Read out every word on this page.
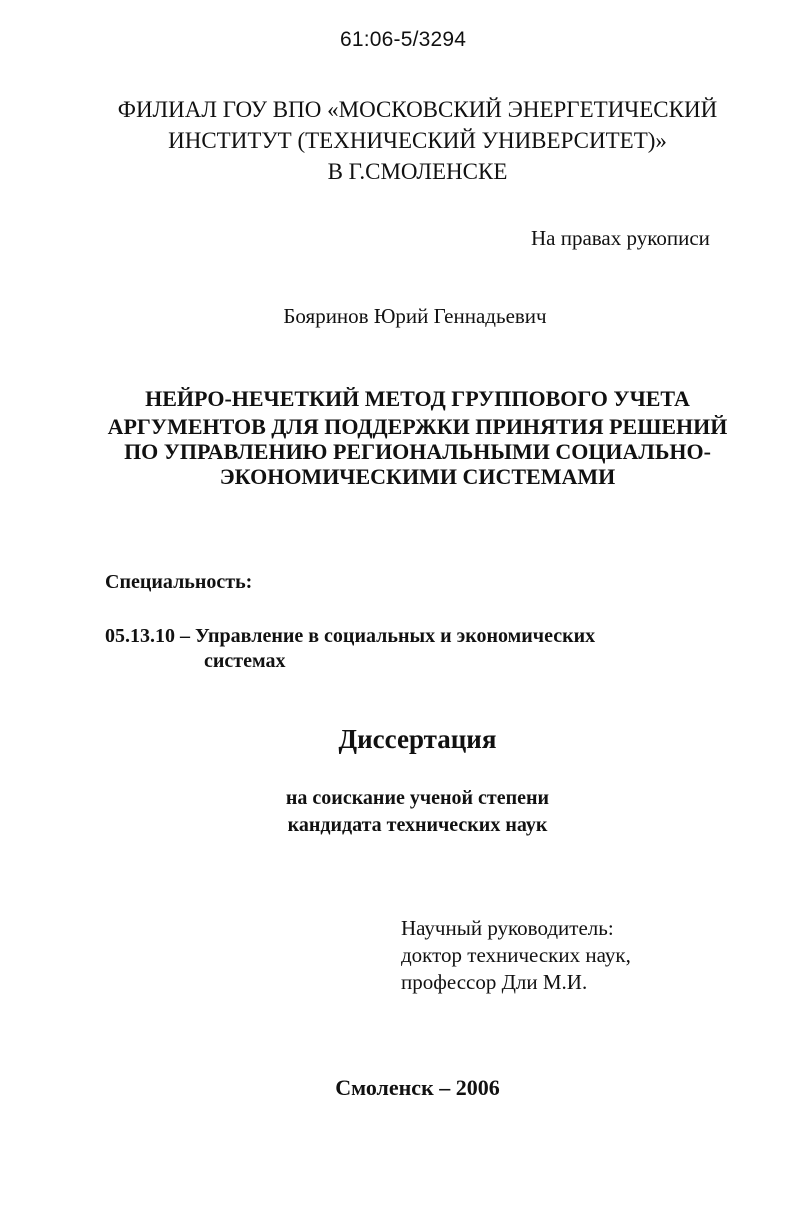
61:06-5/3294
ФИЛИАЛ ГОУ ВПО «МОСКОВСКИЙ ЭНЕРГЕТИЧЕСКИЙ
ИНСТИТУТ (ТЕХНИЧЕСКИЙ УНИВЕРСИТЕТ)»
В Г.СМОЛЕНСКЕ
На правах рукописи
Бояринов Юрий Геннадьевич
НЕЙРО-НЕЧЕТКИЙ МЕТОД ГРУППОВОГО УЧЕТА
АРГУМЕНТОВ ДЛЯ ПОДДЕРЖКИ ПРИНЯТИЯ РЕШЕНИЙ
ПО УПРАВЛЕНИЮ РЕГИОНАЛЬНЫМИ СОЦИАЛЬНО-
ЭКОНОМИЧЕСКИМИ СИСТЕМАМИ
Специальность:
05.13.10 – Управление в социальных и экономических
системах
Диссертация
на соискание ученой степени
кандидата технических наук
Научный руководитель:
доктор технических наук,
профессор Дли М.И.
Смоленск – 2006
